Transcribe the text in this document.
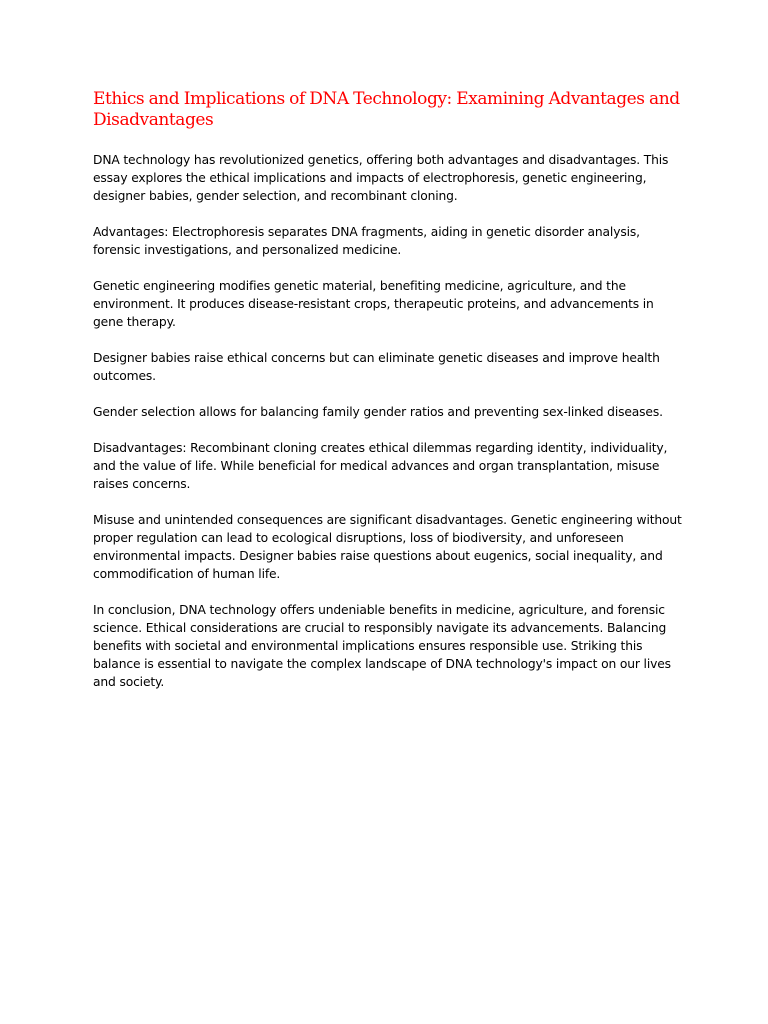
Ethics and Implications of DNA Technology: Examining Advantages and Disadvantages

DNA technology has revolutionized genetics, offering both advantages and disadvantages. This essay explores the ethical implications and impacts of electrophoresis, genetic engineering, designer babies, gender selection, and recombinant cloning.

Advantages: Electrophoresis separates DNA fragments, aiding in genetic disorder analysis, forensic investigations, and personalized medicine.

Genetic engineering modifies genetic material, benefiting medicine, agriculture, and the environment. It produces disease-resistant crops, therapeutic proteins, and advancements in gene therapy.

Designer babies raise ethical concerns but can eliminate genetic diseases and improve health outcomes.

Gender selection allows for balancing family gender ratios and preventing sex-linked diseases.

Disadvantages: Recombinant cloning creates ethical dilemmas regarding identity, individuality, and the value of life. While beneficial for medical advances and organ transplantation, misuse raises concerns.

Misuse and unintended consequences are significant disadvantages. Genetic engineering without proper regulation can lead to ecological disruptions, loss of biodiversity, and unforeseen environmental impacts. Designer babies raise questions about eugenics, social inequality, and commodification of human life.

In conclusion, DNA technology offers undeniable benefits in medicine, agriculture, and forensic science. Ethical considerations are crucial to responsibly navigate its advancements. Balancing benefits with societal and environmental implications ensures responsible use. Striking this balance is essential to navigate the complex landscape of DNA technology's impact on our lives and society.
